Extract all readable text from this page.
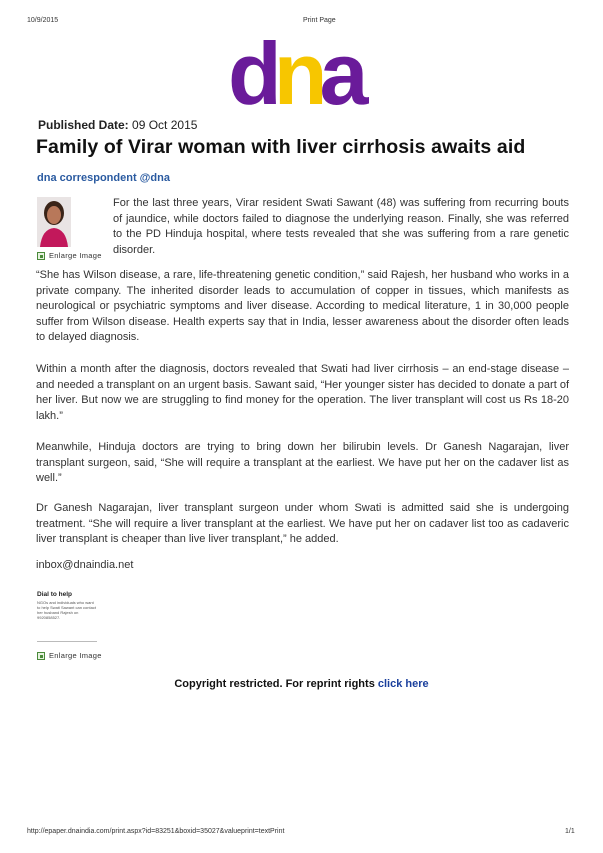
10/9/2015	Print Page
dna
Published Date: 09 Oct 2015
Family of Virar woman with liver cirrhosis awaits aid
dna correspondent @dna
Enlarge Image
For the last three years, Virar resident Swati Sawant (48) was suffering from recurring bouts of jaundice, while doctors failed to diagnose the underlying reason. Finally, she was referred to the PD Hinduja hospital, where tests revealed that she was suffering from a rare genetic disorder.
“She has Wilson disease, a rare, life-threatening genetic condition,” said Rajesh, her husband who works in a private company. The inherited disorder leads to accumulation of copper in tissues, which manifests as neurological or psychiatric symptoms and liver disease. According to medical literature, 1 in 30,000 people suffer from Wilson disease. Health experts say that in India, lesser awareness about the disorder often leads to delayed diagnosis.
Within a month after the diagnosis, doctors revealed that Swati had liver cirrhosis – an end-stage disease – and needed a transplant on an urgent basis. Sawant said, “Her younger sister has decided to donate a part of her liver. But now we are struggling to find money for the operation. The liver transplant will cost us Rs 18-20 lakh.”
Meanwhile, Hinduja doctors are trying to bring down her bilirubin levels. Dr Ganesh Nagarajan, liver transplant surgeon, said, “She will require a transplant at the earliest. We have put her on the cadaver list as well.”
Dr Ganesh Nagarajan, liver transplant surgeon under whom Swati is admitted said she is undergoing treatment. “She will require a liver transplant at the earliest. We have put her on cadaver list too as cadaveric liver transplant is cheaper than live liver transplant,” he added.
inbox@dnaindia.net
Dial to help
NGOs and individuals who want to help Swati Sawant can contact her husband Rajesh on 9920858527.
Enlarge Image
Copyright restricted. For reprint rights click here
http://epaper.dnaindia.com/print.aspx?id=83251&boxid=35027&valueprint=textPrint	1/1
